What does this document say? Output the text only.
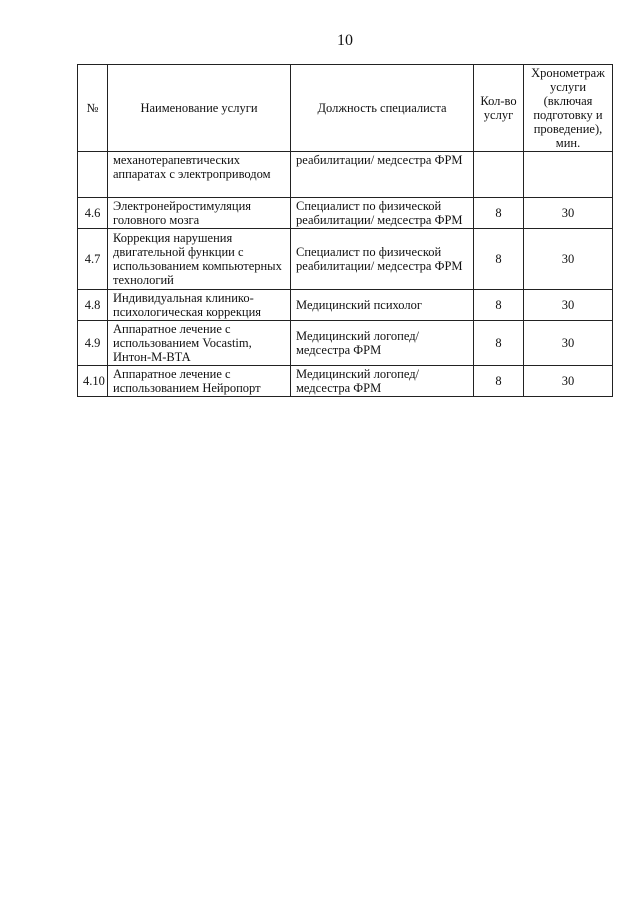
10
№	Наименование услуги	Должность специалиста	Кол-во услуг	Хронометраж услуги (включая подготовку и проведение), мин.
	механотерапевтических аппаратах с электроприводом	реабилитации/ медсестра ФРМ		
4.6	Электронейростимуляция головного мозга	Специалист по физической реабилитации/ медсестра ФРМ	8	30
4.7	Коррекция нарушения двигательной функции с использованием компьютерных технологий	Специалист по физической реабилитации/ медсестра ФРМ	8	30
4.8	Индивидуальная клинико-психологическая коррекция	Медицинский психолог	8	30
4.9	Аппаратное лечение с использованием Vocastim, Интон-М-ВТА	Медицинский логопед/ медсестра ФРМ	8	30
4.10	Аппаратное лечение с использованием Нейропорт	Медицинский логопед/ медсестра ФРМ	8	30
